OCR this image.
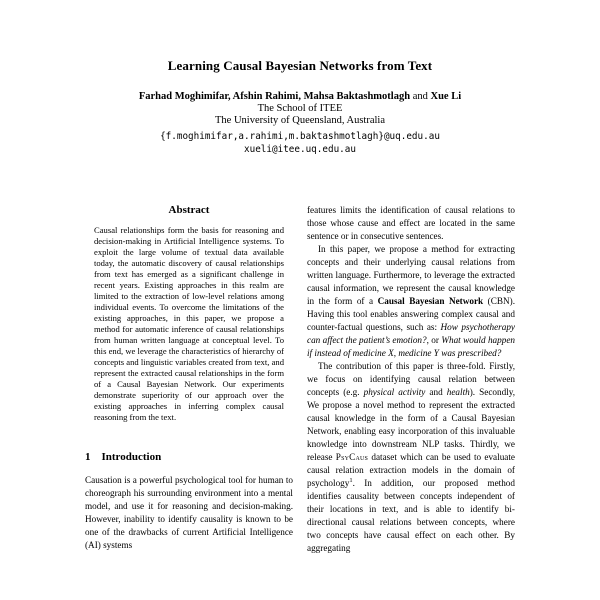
Learning Causal Bayesian Networks from Text
Farhad Moghimifar, Afshin Rahimi, Mahsa Baktashmotlagh and Xue Li
The School of ITEE
The University of Queensland, Australia
{f.moghimifar,a.rahimi,m.baktashmotlagh}@uq.edu.au
xueli@itee.uq.edu.au
Abstract

Causal relationships form the basis for reasoning and decision-making in Artificial Intelligence systems. To exploit the large volume of textual data available today, the automatic discovery of causal relationships from text has emerged as a significant challenge in recent years. Existing approaches in this realm are limited to the extraction of low-level relations among individual events. To overcome the limitations of the existing approaches, in this paper, we propose a method for automatic inference of causal relationships from human written language at conceptual level. To this end, we leverage the characteristics of hierarchy of concepts and linguistic variables created from text, and represent the extracted causal relationships in the form of a Causal Bayesian Network. Our experiments demonstrate superiority of our approach over the existing approaches in inferring complex causal reasoning from the text.

1 Introduction

Causation is a powerful psychological tool for human to choreograph his surrounding environment into a mental model, and use it for reasoning and decision-making. However, inability to identify causality is known to be one of the drawbacks of current Artificial Intelligence (AI) systems

features limits the identification of causal relations to those whose cause and effect are located in the same sentence or in consecutive sentences.

In this paper, we propose a method for extracting concepts and their underlying causal relations from written language. Furthermore, to leverage the extracted causal information, we represent the causal knowledge in the form of a Causal Bayesian Network (CBN). Having this tool enables answering complex causal and counter-factual questions, such as: How psychotherapy can affect the patient’s emotion?, or What would happen if instead of medicine X, medicine Y was prescribed?

The contribution of this paper is three-fold. Firstly, we focus on identifying causal relation between concepts (e.g. physical activity and health). Secondly, We propose a novel method to represent the extracted causal knowledge in the form of a Causal Bayesian Network, enabling easy incorporation of this invaluable knowledge into downstream NLP tasks. Thirdly, we release PsyCaus dataset which can be used to evaluate causal relation extraction models in the domain of psychology$^1$. In addition, our proposed method identifies causality between concepts independent of their locations in text, and is able to identify bi-directional causal relations between concepts, where two concepts have causal effect on each other. By aggregating
